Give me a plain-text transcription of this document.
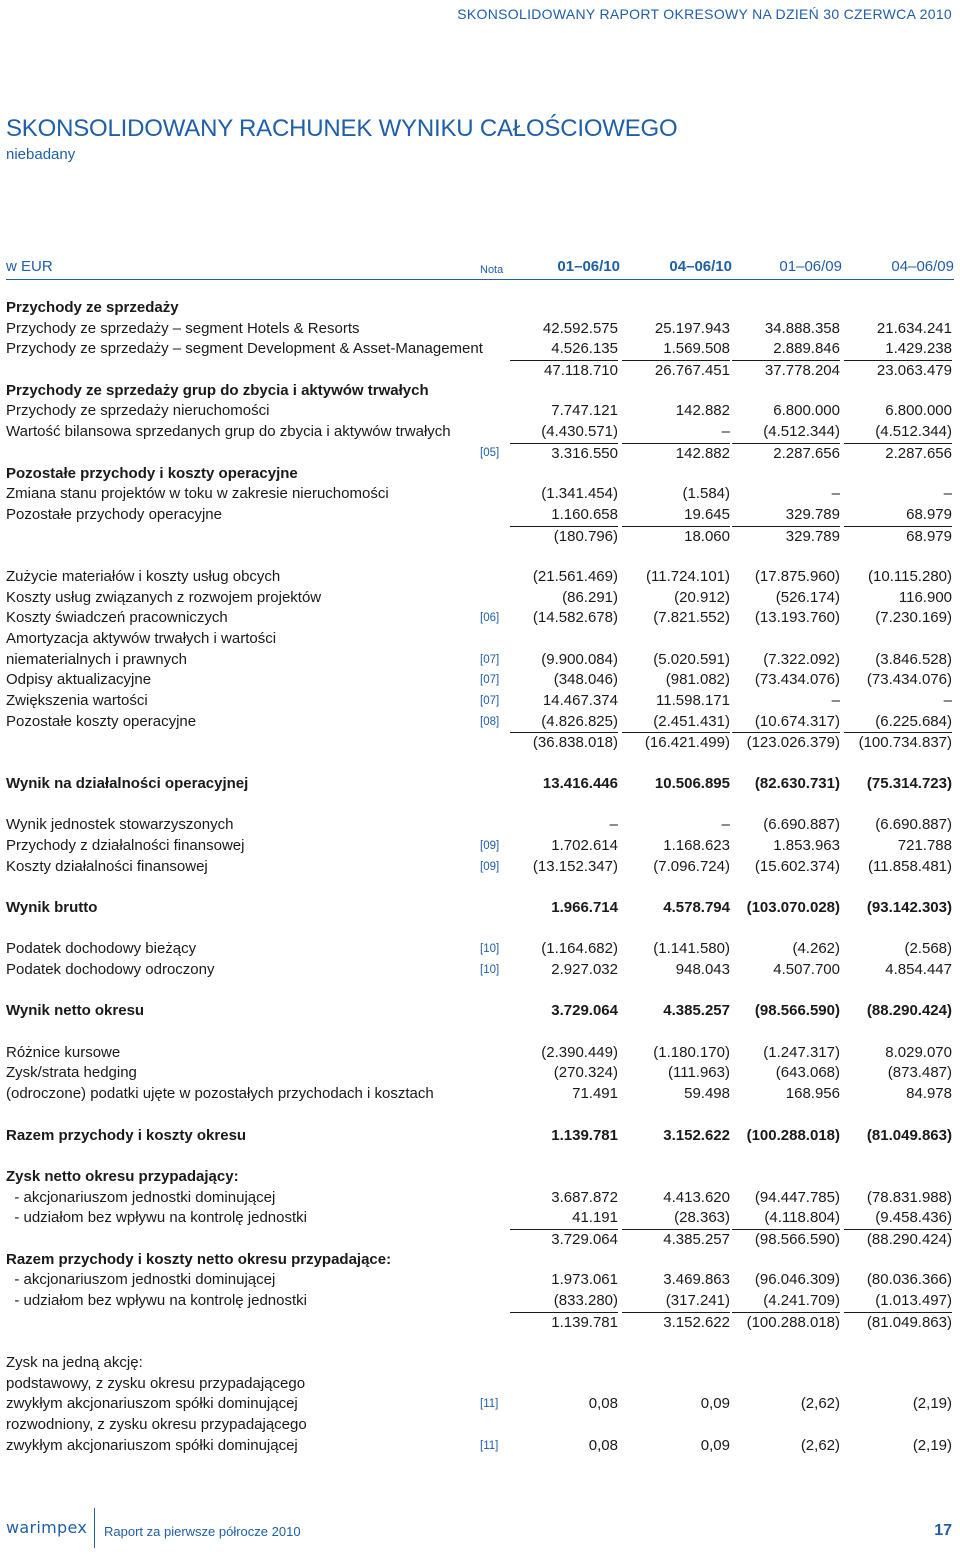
SKONSOLIDOWANY RAPORT OKRESOWY NA DZIEŃ 30 CZERWCA 2010
SKONSOLIDOWANY RACHUNEK WYNIKU CAŁOŚCIOWEGO
niebadany
w EUR	Nota	01–06/10	04–06/10	01–06/09	04–06/09
Przychody ze sprzedaży
Przychody ze sprzedaży – segment Hotels & Resorts	42.592.575	25.197.943	34.888.358	21.634.241
Przychody ze sprzedaży – segment Development & Asset-Management	4.526.135	1.569.508	2.889.846	1.429.238
47.118.710	26.767.451	37.778.204	23.063.479
Przychody ze sprzedaży grup do zbycia i aktywów trwałych
Przychody ze sprzedaży nieruchomości	7.747.121	142.882	6.800.000	6.800.000
Wartość bilansowa sprzedanych grup do zbycia i aktywów trwałych	(4.430.571)	–	(4.512.344)	(4.512.344)
[05]	3.316.550	142.882	2.287.656	2.287.656
Pozostałe przychody i koszty operacyjne
Zmiana stanu projektów w toku w zakresie nieruchomości	(1.341.454)	(1.584)	–	–
Pozostałe przychody operacyjne	1.160.658	19.645	329.789	68.979
(180.796)	18.060	329.789	68.979
Zużycie materiałów i koszty usług obcych	(21.561.469)	(11.724.101)	(17.875.960)	(10.115.280)
Koszty usług związanych z rozwojem projektów	(86.291)	(20.912)	(526.174)	116.900
Koszty świadczeń pracowniczych	[06]	(14.582.678)	(7.821.552)	(13.193.760)	(7.230.169)
Amortyzacja aktywów trwałych i wartości
niematerialnych i prawnych	[07]	(9.900.084)	(5.020.591)	(7.322.092)	(3.846.528)
Odpisy aktualizacyjne	[07]	(348.046)	(981.082)	(73.434.076)	(73.434.076)
Zwiększenia wartości	[07]	14.467.374	11.598.171	–	–
Pozostałe koszty operacyjne	[08]	(4.826.825)	(2.451.431)	(10.674.317)	(6.225.684)
(36.838.018)	(16.421.499)	(123.026.379)	(100.734.837)
Wynik na działalności operacyjnej	13.416.446	10.506.895	(82.630.731)	(75.314.723)
Wynik jednostek stowarzyszonych	–	–	(6.690.887)	(6.690.887)
Przychody z działalności finansowej	[09]	1.702.614	1.168.623	1.853.963	721.788
Koszty działalności finansowej	[09]	(13.152.347)	(7.096.724)	(15.602.374)	(11.858.481)
Wynik brutto	1.966.714	4.578.794	(103.070.028)	(93.142.303)
Podatek dochodowy bieżący	[10]	(1.164.682)	(1.141.580)	(4.262)	(2.568)
Podatek dochodowy odroczony	[10]	2.927.032	948.043	4.507.700	4.854.447
Wynik netto okresu	3.729.064	4.385.257	(98.566.590)	(88.290.424)
Różnice kursowe	(2.390.449)	(1.180.170)	(1.247.317)	8.029.070
Zysk/strata hedging	(270.324)	(111.963)	(643.068)	(873.487)
(odroczone) podatki ujęte w pozostałych przychodach i kosztach	71.491	59.498	168.956	84.978
Razem przychody i koszty okresu	1.139.781	3.152.622	(100.288.018)	(81.049.863)
Zysk netto okresu przypadający:
- akcjonariuszom jednostki dominującej	3.687.872	4.413.620	(94.447.785)	(78.831.988)
- udziałom bez wpływu na kontrolę jednostki	41.191	(28.363)	(4.118.804)	(9.458.436)
3.729.064	4.385.257	(98.566.590)	(88.290.424)
Razem przychody i koszty netto okresu przypadające:
- akcjonariuszom jednostki dominującej	1.973.061	3.469.863	(96.046.309)	(80.036.366)
- udziałom bez wpływu na kontrolę jednostki	(833.280)	(317.241)	(4.241.709)	(1.013.497)
1.139.781	3.152.622	(100.288.018)	(81.049.863)
Zysk na jedną akcję:
podstawowy, z zysku okresu przypadającego
zwykłym akcjonariuszom spółki dominującej	[11]	0,08	0,09	(2,62)	(2,19)
rozwodniony, z zysku okresu przypadającego
zwykłym akcjonariuszom spółki dominującej	[11]	0,08	0,09	(2,62)	(2,19)
warimpex Raport za pierwsze półrocze 2010	17
